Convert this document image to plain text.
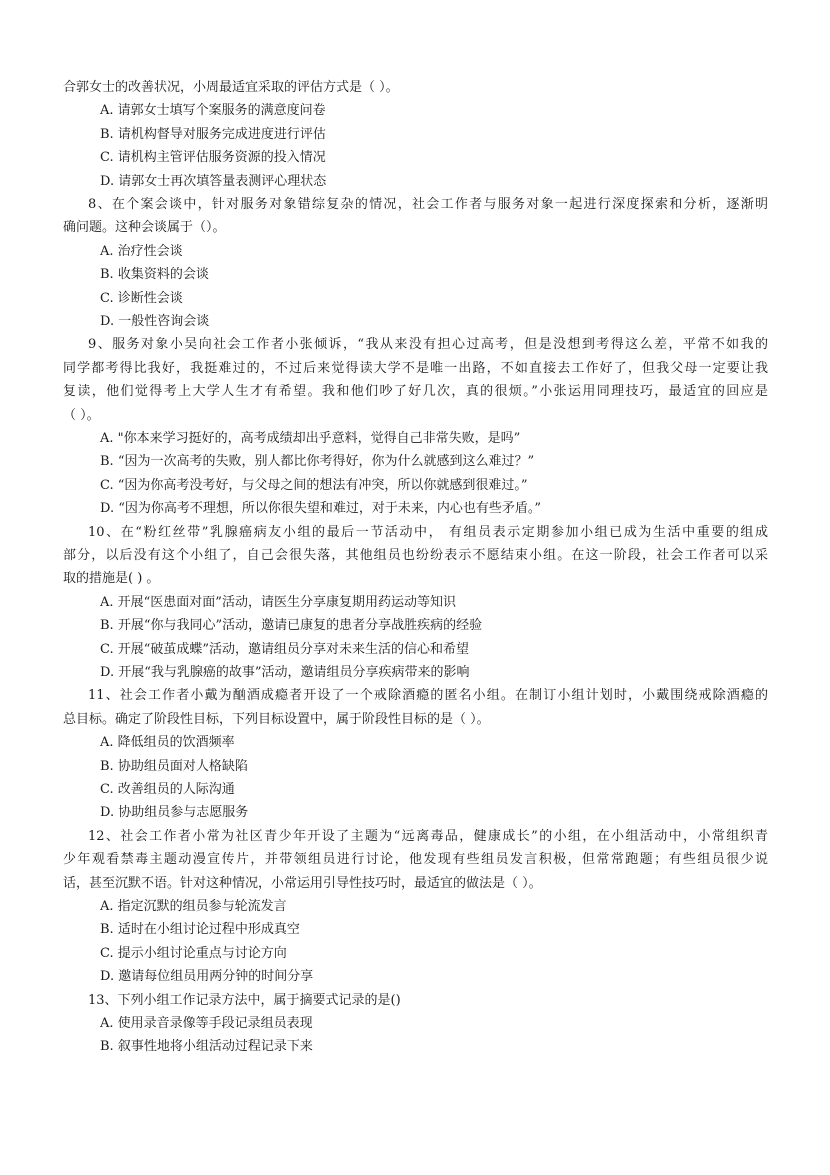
合郭女士的改善状况，小周最适宜采取的评估方式是（ ）。
A. 请郭女士填写个案服务的满意度问卷
B. 请机构督导对服务完成进度进行评估
C. 请机构主管评估服务资源的投入情况
D. 请郭女士再次填答量表测评心理状态
8、在个案会谈中，针对服务对象错综复杂的情况，社会工作者与服务对象一起进行深度探索和分析，逐渐明
确问题。这种会谈属于（）。
A. 治疗性会谈
B. 收集资料的会谈
C. 诊断性会谈
D. 一般性咨询会谈
9、服务对象小吴向社会工作者小张倾诉，“我从来没有担心过高考，但是没想到考得这么差，平常不如我的
同学都考得比我好，我挺难过的，不过后来觉得读大学不是唯一出路，不如直接去工作好了，但我父母一定要让我
复读，他们觉得考上大学人生才有希望。我和他们吵了好几次，真的很烦。”小张运用同理技巧，最适宜的回应是
（ ）。
A. "你本来学习挺好的，高考成绩却出乎意料，觉得自己非常失败，是吗”
B. “因为一次高考的失败，别人都比你考得好，你为什么就感到这么难过？”
C. “因为你高考没考好，与父母之间的想法有冲突，所以你就感到很难过。”
D. “因为你高考不理想，所以你很失望和难过，对于未来，内心也有些矛盾。”
10、在“粉红丝带”乳腺癌病友小组的最后一节活动中， 有组员表示定期参加小组已成为生活中重要的组成
部分，以后没有这个小组了，自己会很失落，其他组员也纷纷表示不愿结束小组。在这一阶段，社会工作者可以采
取的措施是( ) 。
A. 开展“医患面对面”活动，请医生分享康复期用药运动等知识
B. 开展“你与我同心”活动，邀请已康复的患者分享战胜疾病的经验
C. 开展“破茧成蝶”活动，邀请组员分享对未来生活的信心和希望
D. 开展“我与乳腺癌的故事”活动，邀请组员分享疾病带来的影响
11、社会工作者小戴为酗酒成瘾者开设了一个戒除酒瘾的匿名小组。在制订小组计划时，小戴围绕戒除酒瘾的
总目标。确定了阶段性目标，下列目标设置中，属于阶段性目标的是（ ）。
A. 降低组员的饮酒频率
B. 协助组员面对人格缺陷
C. 改善组员的人际沟通
D. 协助组员参与志愿服务
12、社会工作者小常为社区青少年开设了主题为“远离毒品，健康成长”的小组，在小组活动中，小常组织青
少年观看禁毒主题动漫宣传片，并带领组员进行讨论，他发现有些组员发言积极，但常常跑题；有些组员很少说
话，甚至沉默不语。针对这种情况，小常运用引导性技巧时，最适宜的做法是（ ）。
A. 指定沉默的组员参与轮流发言
B. 适时在小组讨论过程中形成真空
C. 提示小组讨论重点与讨论方向
D. 邀请每位组员用两分钟的时间分享
13、下列小组工作记录方法中，属于摘要式记录的是()
A. 使用录音录像等手段记录组员表现
B. 叙事性地将小组活动过程记录下来
